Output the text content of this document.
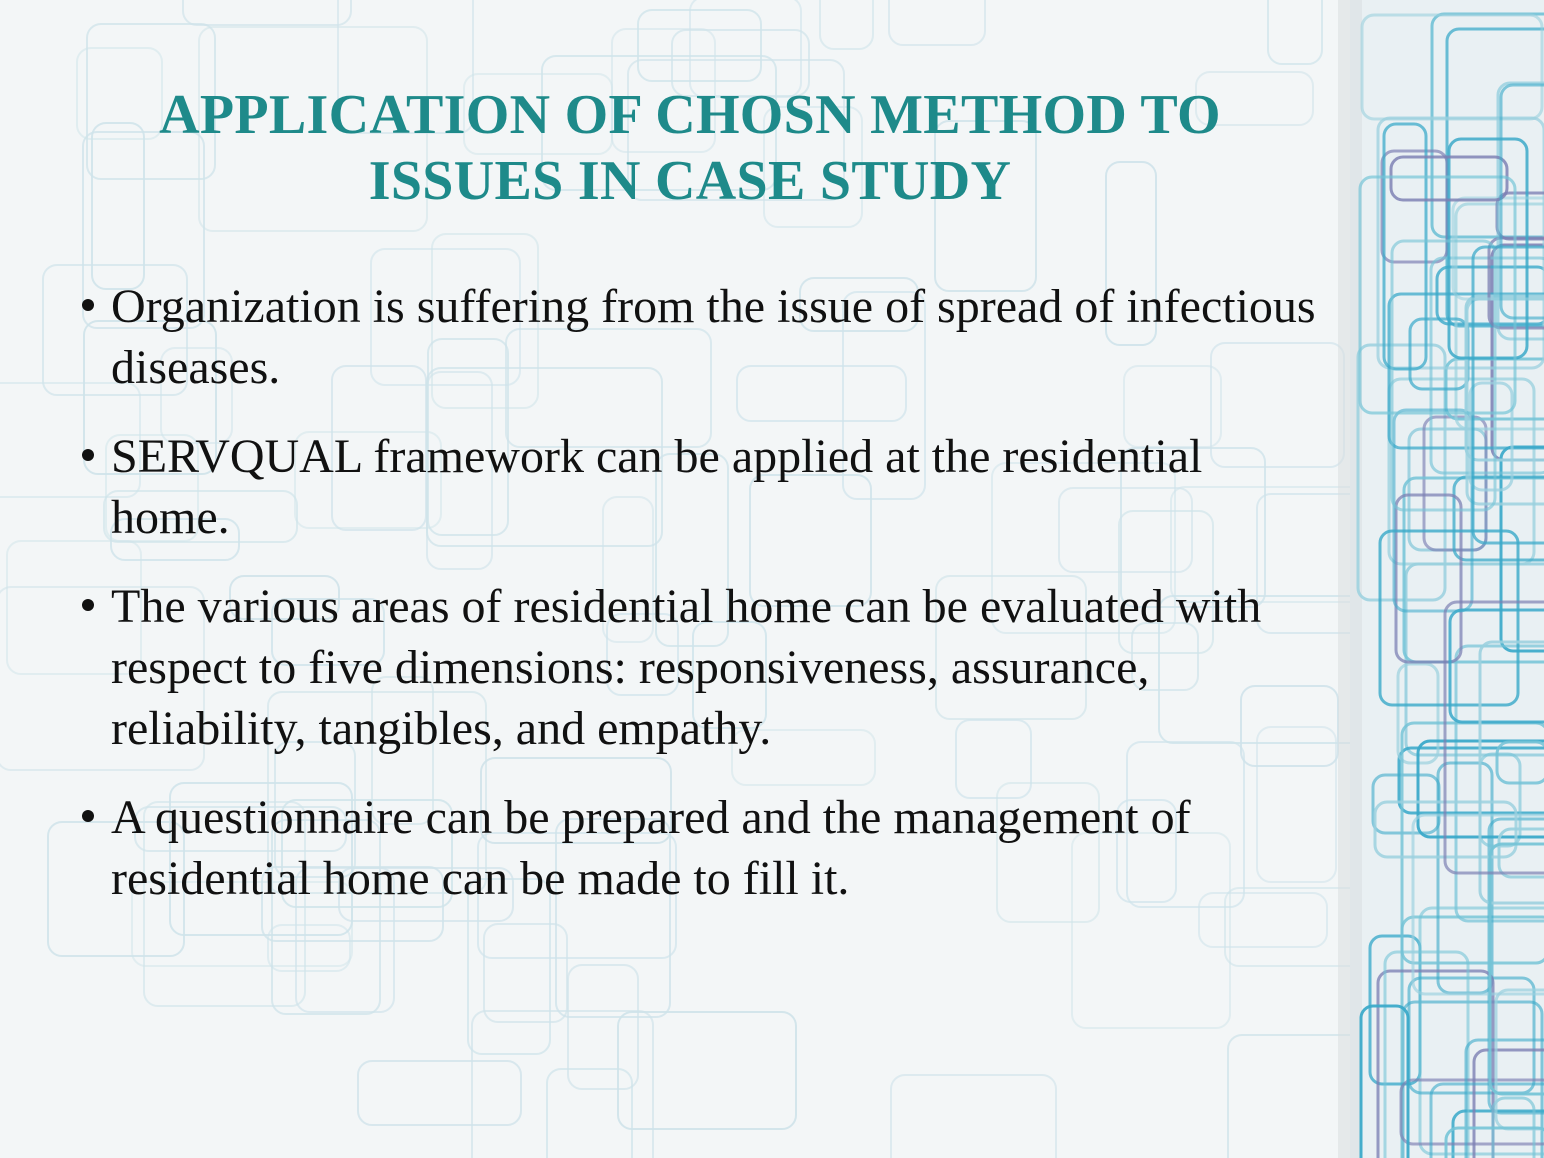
APPLICATION OF CHOSN METHOD TO
ISSUES IN CASE STUDY
Organization is suffering from the issue of spread of infectious diseases.
SERVQUAL framework can be applied at the residential home.
The various areas of residential home can be evaluated with respect to five dimensions: responsiveness, assurance, reliability, tangibles, and empathy.
A questionnaire can be prepared and the management of residential home can be made to fill it.
